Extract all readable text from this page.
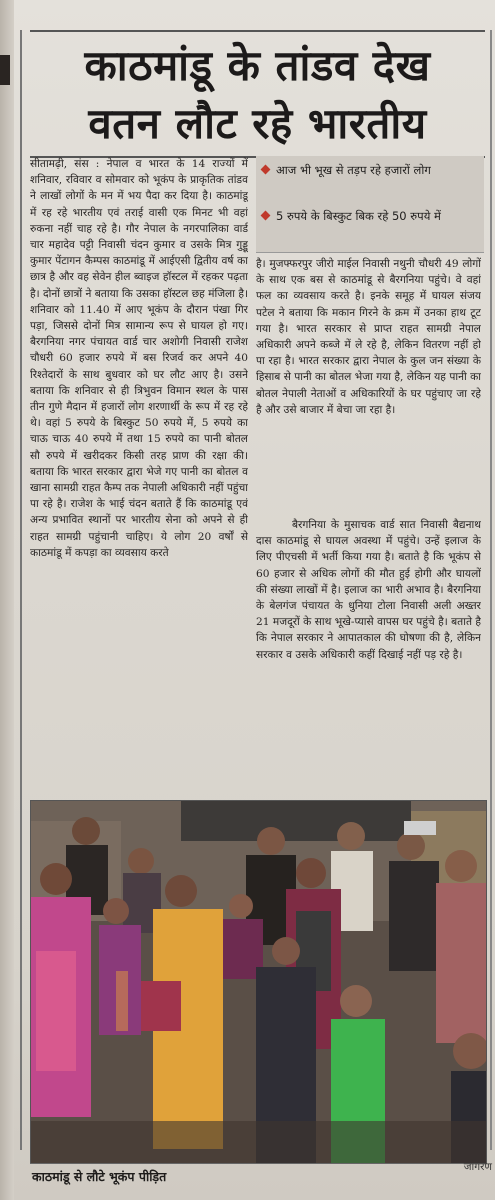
काठमांडू के तांडव देख
वतन लौट रहे भारतीय
सीतामढ़ी, संस : नेपाल व भारत के 14 राज्यों में शनिवार, रविवार व सोमवार को भूकंप के प्राकृतिक तांडव ने लाखों लोगों के मन में भय पैदा कर दिया है। काठमांडू में रह रहे भारतीय एवं तराई वासी एक मिनट भी वहां रुकना नहीं चाह रहे है। गौर नेपाल के नगरपालिका वार्ड चार महादेव पट्टी निवासी चंदन कुमार व उसके मित्र गुड्डू कुमार पेंटागन कैम्पस काठमांडू में आईएसी द्वितीय वर्ष का छात्र है और वह सेवेन हील ब्वाइज हॉस्टल में रहकर पढ़ता है। दोनों छात्रों ने बताया कि उसका हॉस्टल छह मंजिला है। शनिवार को 11.40 में आए भूकंप के दौरान पंखा गिर पड़ा, जिससे दोनों मित्र सामान्य रूप से घायल हो गए। बैरगनिया नगर पंचायत वार्ड चार अशोगी निवासी राजेश चौधरी 60 हजार रुपये में बस रिजर्व कर अपने 40 रिश्तेदारों के साथ बुधवार को घर लौट आए है। उसने बताया कि शनिवार से ही त्रिभुवन विमान स्थल के पास तीन गुणे मैदान में हजारों लोग शरणार्थी के रूप में रह रहे थे। वहां 5 रुपये के बिस्कुट 50 रुपये में, 5 रुपये का चाऊ चाऊ 40 रुपये में तथा 15 रुपये का पानी बोतल सौ रुपये में खरीदकर किसी तरह प्राण की रक्षा की। बताया कि भारत सरकार द्वारा भेजे गए पानी का बोतल व खाना सामग्री राहत कैम्प तक नेपाली अधिकारी नहीं पहुंचा पा रहे है। राजेश के भाई चंदन बताते हैं कि काठमांडू एवं अन्य प्रभावित स्थानों पर भारतीय सेना को अपने से ही राहत सामग्री पहुंचानी चाहिए। ये लोग 20 वर्षों से काठमांडू में कपड़ा का व्यवसाय करते
आज भी भूख से तड़प रहे हजारों लोग
5 रुपये के बिस्कुट बिक रहे 50 रुपये में
है। मुजफ्फरपुर जीरो माईल निवासी नथुनी चौधरी 49 लोगों के साथ एक बस से काठमांडू से बैरगनिया पहुंचे। वे वहां फल का व्यवसाय करते है। इनके समूह में घायल संजय पटेल ने बताया कि मकान गिरने के क्रम में उनका हाथ टूट गया है। भारत सरकार से प्राप्त राहत सामग्री नेपाल अधिकारी अपने कब्जे में ले रहे है, लेकिन वितरण नहीं हो पा रहा है। भारत सरकार द्वारा नेपाल के कुल जन संख्या के हिसाब से पानी का बोतल भेजा गया है, लेकिन यह पानी का बोतल नेपाली नेताओं व अधिकारियों के घर पहुंचाए जा रहे है और उसे बाजार में बेचा जा रहा है।
बैरगनिया के मुसाचक वार्ड सात निवासी बैद्यनाथ दास काठमांडू से घायल अवस्था में पहुंचे। उन्हें इलाज के लिए पीएचसी में भर्ती किया गया है। बताते है कि भूकंप से 60 हजार से अधिक लोगों की मौत हुई होगी और घायलों की संख्या लाखों में है। इलाज का भारी अभाव है। बैरगनिया के बेलगंज पंचायत के धुनिया टोला निवासी अली अख्तर 21 मजदूरों के साथ भूखे-प्यासे वापस घर पहुंचे है। बताते है कि नेपाल सरकार ने आपातकाल की घोषणा की है, लेकिन सरकार व उसके अधिकारी कहीं दिखाई नहीं पड़ रहे है।
काठमांडू से लौटे भूकंप पीड़ित
जागरण
